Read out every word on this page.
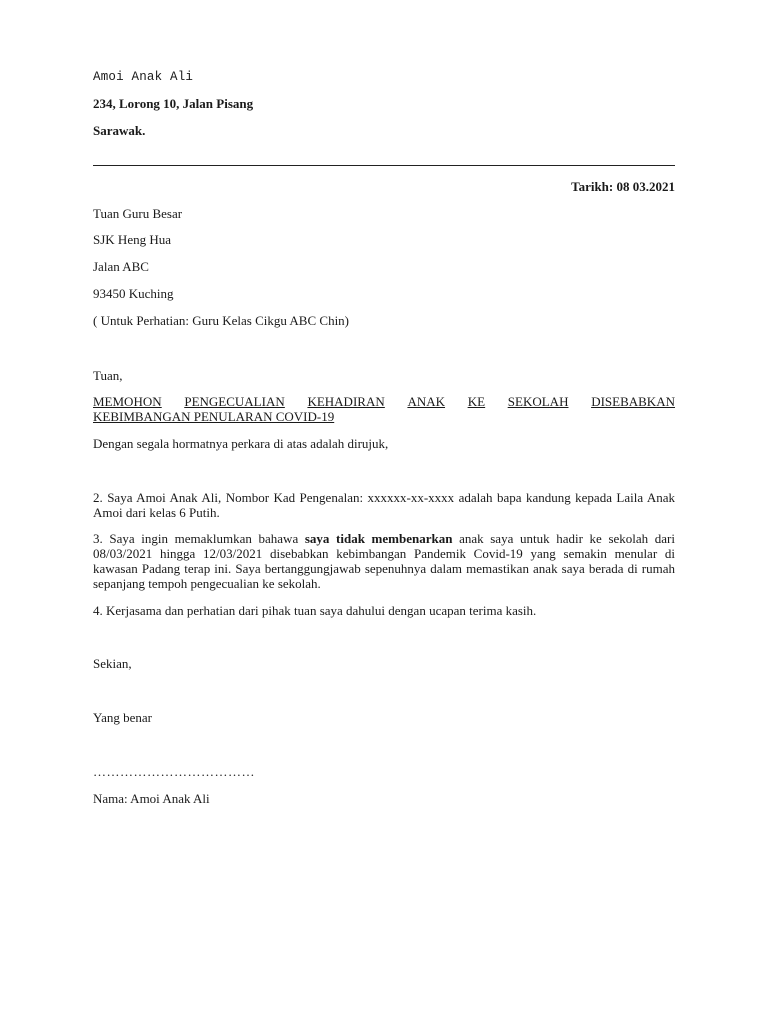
Amoi Anak Ali
234, Lorong 10, Jalan Pisang
Sarawak.
Tarikh: 08 03.2021
Tuan Guru Besar
SJK Heng Hua
Jalan ABC
93450 Kuching
( Untuk Perhatian: Guru Kelas Cikgu ABC Chin)
Tuan,
MEMOHON PENGECUALIAN KEHADIRAN ANAK KE SEKOLAH DISEBABKAN
KEBIMBANGAN PENULARAN COVID-19
Dengan segala hormatnya perkara di atas adalah dirujuk,
2. Saya Amoi Anak Ali, Nombor Kad Pengenalan: xxxxxx-xx-xxxx adalah bapa kandung kepada Laila Anak Amoi dari kelas 6 Putih.
3. Saya ingin memaklumkan bahawa saya tidak membenarkan anak saya untuk hadir ke sekolah dari 08/03/2021 hingga 12/03/2021 disebabkan kebimbangan Pandemik Covid-19 yang semakin menular di kawasan Padang terap ini. Saya bertanggungjawab sepenuhnya dalam memastikan anak saya berada di rumah sepanjang tempoh pengecualian ke sekolah.
4. Kerjasama dan perhatian dari pihak tuan saya dahului dengan ucapan terima kasih.
Sekian,
Yang benar
………………………………
Nama: Amoi Anak Ali
